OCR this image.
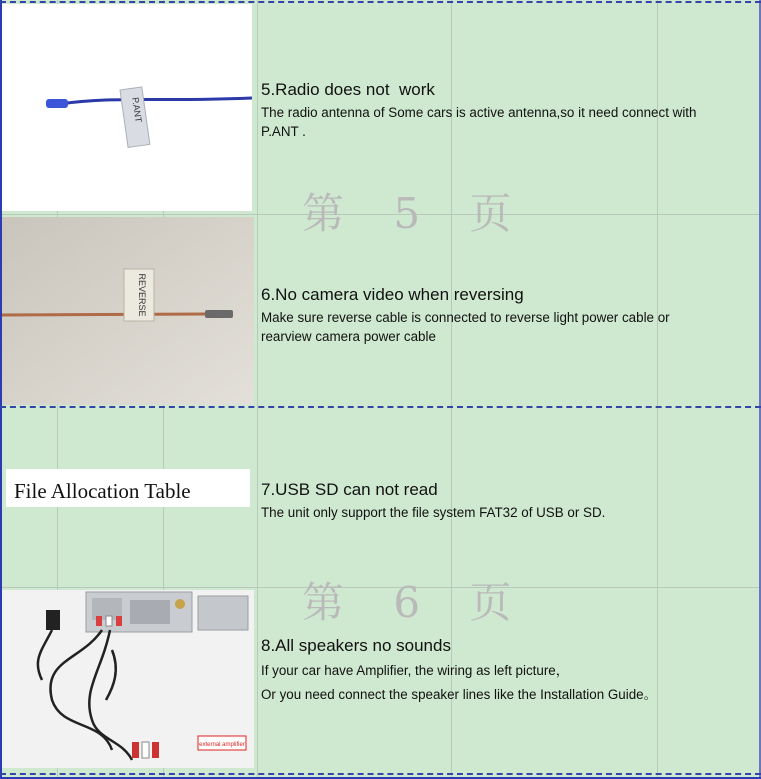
P.ANT
REVERSE
File Allocation Table
external amplifier
第 5 页
第 6 页
5.Radio does not  work
The radio antenna of Some cars is active antenna,so it need connect with
P.ANT .
6.No camera video when reversing
Make sure reverse cable is connected to reverse light power cable or
rearview camera power cable
7.USB SD can not read
The unit only support the file system FAT32 of USB or SD.
8.All speakers no sounds
If your car have Amplifier, the wiring as left picture，
Or you need connect the speaker lines like the Installation Guide。
